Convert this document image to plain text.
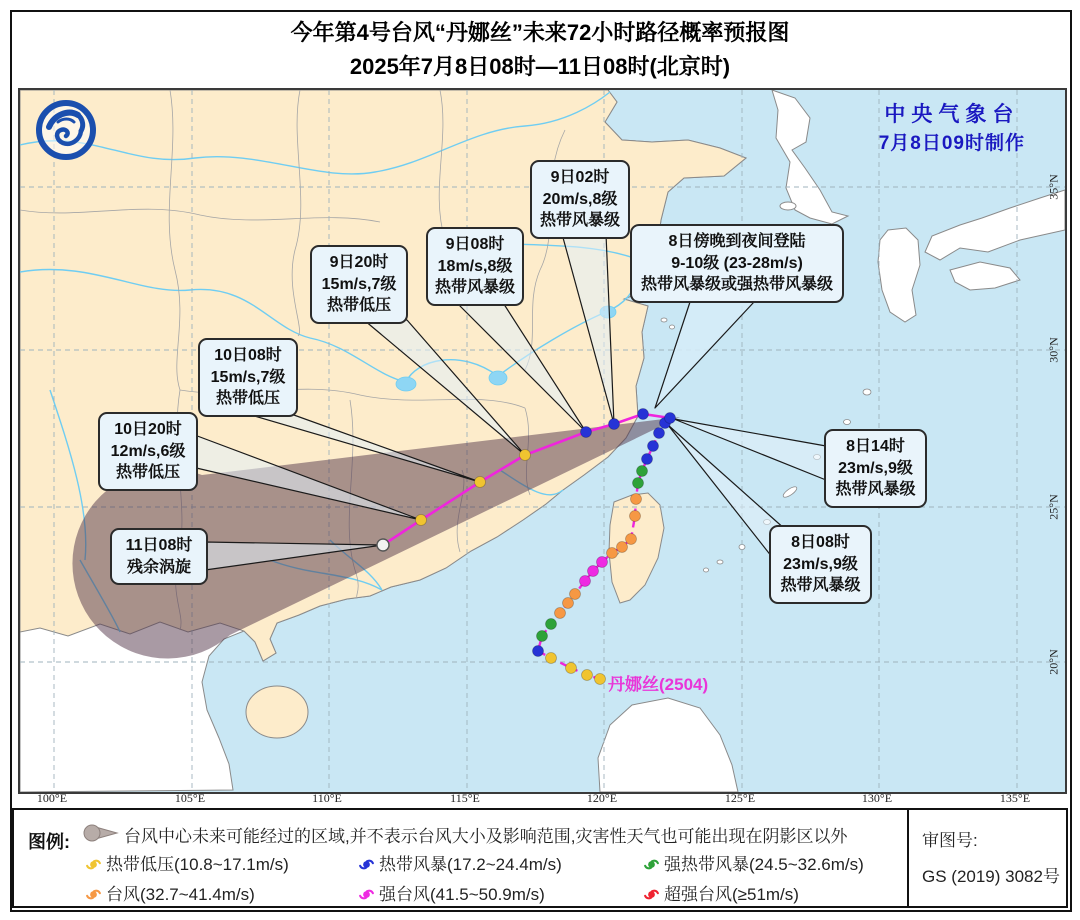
今年第4号台风“丹娜丝”未来72小时路径概率预报图
2025年7月8日08时—11日08时(北京时)
中央气象台
7月8日09时制作
9日02时
20m/s,8级
热带风暴级
9日08时
18m/s,8级
热带风暴级
9日20时
15m/s,7级
热带低压
10日08时
15m/s,7级
热带低压
10日20时
12m/s,6级
热带低压
11日08时
残余涡旋
8日傍晚到夜间登陆
9-10级 (23-28m/s)
热带风暴级或强热带风暴级
8日14时
23m/s,9级
热带风暴级
8日08时
23m/s,9级
热带风暴级
丹娜丝(2504)
35°N
30°N
25°N
20°N
100°E	105°E	110°E	115°E	120°E	125°E	130°E	135°E
图例:	台风中心未来可能经过的区域,并不表示台风大小及影响范围,灾害性天气也可能出现在阴影区以外
热带低压(10.8~17.1m/s)	热带风暴(17.2~24.4m/s)	强热带风暴(24.5~32.6m/s)
台风(32.7~41.4m/s)	强台风(41.5~50.9m/s)	超强台风(≥51m/s)
审图号:
GS (2019) 3082号
